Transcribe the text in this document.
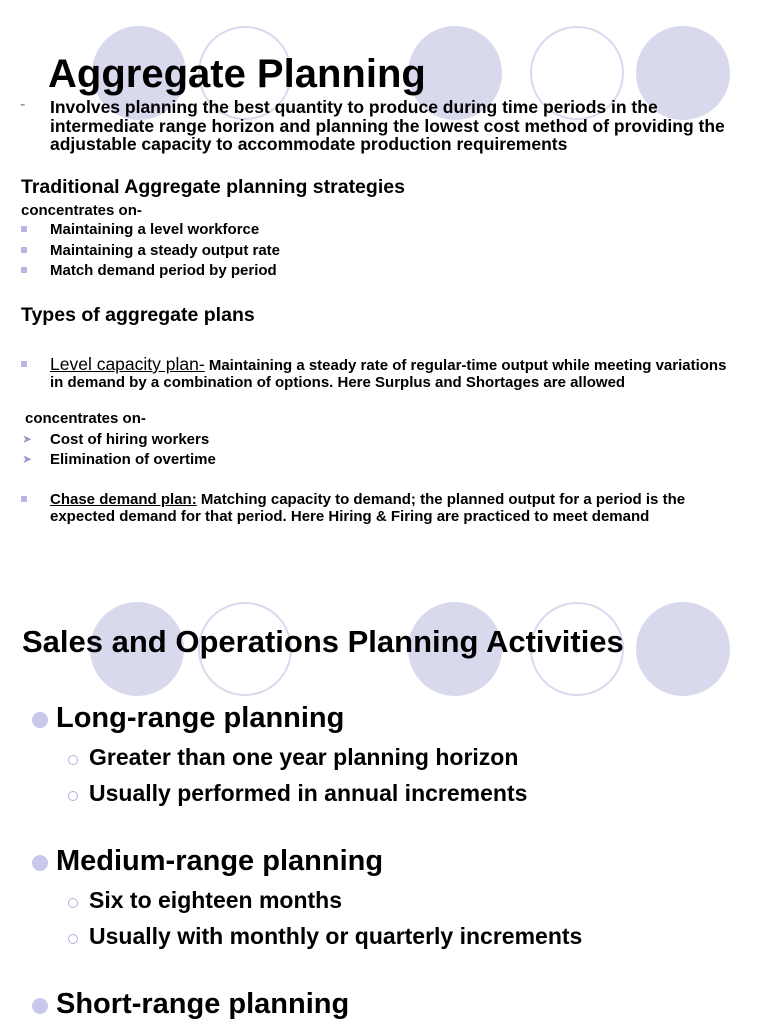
Aggregate Planning
- Involves planning the best quantity to produce during time periods in the intermediate range horizon and planning the lowest cost method of providing the adjustable capacity to accommodate production requirements
Traditional Aggregate planning strategies
concentrates on-
Maintaining a level workforce
Maintaining a steady output rate
Match demand period by period
Types of aggregate plans
Level capacity plan- Maintaining a steady rate of regular-time output while meeting variations in demand by a combination of options. Here Surplus and Shortages are allowed
concentrates on-
➤ Cost of hiring workers
➤ Elimination of overtime
Chase demand plan: Matching capacity to demand; the planned output for a period is the expected demand for that period. Here Hiring & Firing are practiced to meet demand
Sales and Operations Planning Activities
Long-range planning
Greater than one year planning horizon
Usually performed in annual increments
Medium-range planning
Six to eighteen months
Usually with monthly or quarterly increments
Short-range planning
